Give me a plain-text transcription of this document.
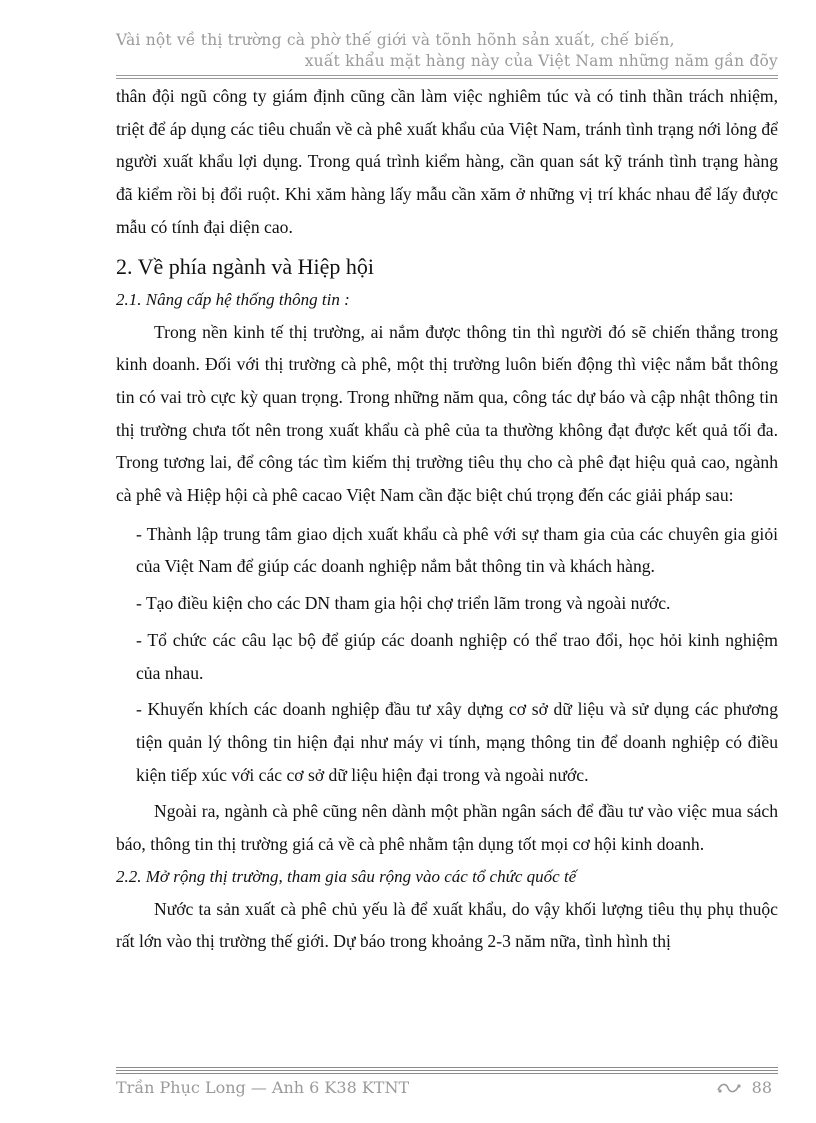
Vài nột về thị trường cà phờ thế giới và tõnh hõnh sản xuất, chế biến,
xuất khẩu mặt hàng này của Việt Nam những năm gần đõy

thân đội ngũ công ty giám định cũng cần làm việc nghiêm túc và có tinh thần trách nhiệm, triệt để áp dụng các tiêu chuẩn về cà phê xuất khẩu của Việt Nam, tránh tình trạng nới lỏng để người xuất khẩu lợi dụng. Trong quá trình kiểm hàng, cần quan sát kỹ tránh tình trạng hàng đã kiểm rồi bị đổi ruột. Khi xăm hàng lấy mẫu cần xăm ở những vị trí khác nhau để lấy được mẫu có tính đại diện cao.

2. Về phía ngành và Hiệp hội
2.1. Nâng cấp hệ thống thông tin :

Trong nền kinh tế thị trường, ai nắm được thông tin thì người đó sẽ chiến thắng trong kinh doanh. Đối với thị trường cà phê, một thị trường luôn biến động thì việc nắm bắt thông tin có vai trò cực kỳ quan trọng. Trong những năm qua, công tác dự báo và cập nhật thông tin thị trường chưa tốt nên trong xuất khẩu cà phê của ta thường không đạt được kết quả tối đa. Trong tương lai, để công tác tìm kiếm thị trường tiêu thụ cho cà phê đạt hiệu quả cao, ngành cà phê và Hiệp hội cà phê cacao Việt Nam cần đặc biệt chú trọng đến các giải pháp sau:

- Thành lập trung tâm giao dịch xuất khẩu cà phê với sự tham gia của các chuyên gia giỏi của Việt Nam để giúp các doanh nghiệp nắm bắt thông tin và khách hàng.

- Tạo điều kiện cho các DN tham gia hội chợ triển lãm trong và ngoài nước.

- Tổ chức các câu lạc bộ để giúp các doanh nghiệp có thể trao đổi, học hỏi kinh nghiệm của nhau.

- Khuyến khích các doanh nghiệp đầu tư xây dựng cơ sở dữ liệu và sử dụng các phương tiện quản lý thông tin hiện đại như máy vi tính, mạng thông tin để doanh nghiệp có điều kiện tiếp xúc với các cơ sở dữ liệu hiện đại trong và ngoài nước.

Ngoài ra, ngành cà phê cũng nên dành một phần ngân sách để đầu tư vào việc mua sách báo, thông tin thị trường giá cả về cà phê nhằm tận dụng tốt mọi cơ hội kinh doanh.

2.2. Mở rộng thị trường, tham gia sâu rộng vào các tổ chức quốc tế

Nước ta sản xuất cà phê chủ yếu là để xuất khẩu, do vậy khối lượng tiêu thụ phụ thuộc rất lớn vào thị trường thế giới. Dự báo trong khoảng 2-3 năm nữa, tình hình thị

Trần Phục Long — Anh 6 K38 KTNT	88
